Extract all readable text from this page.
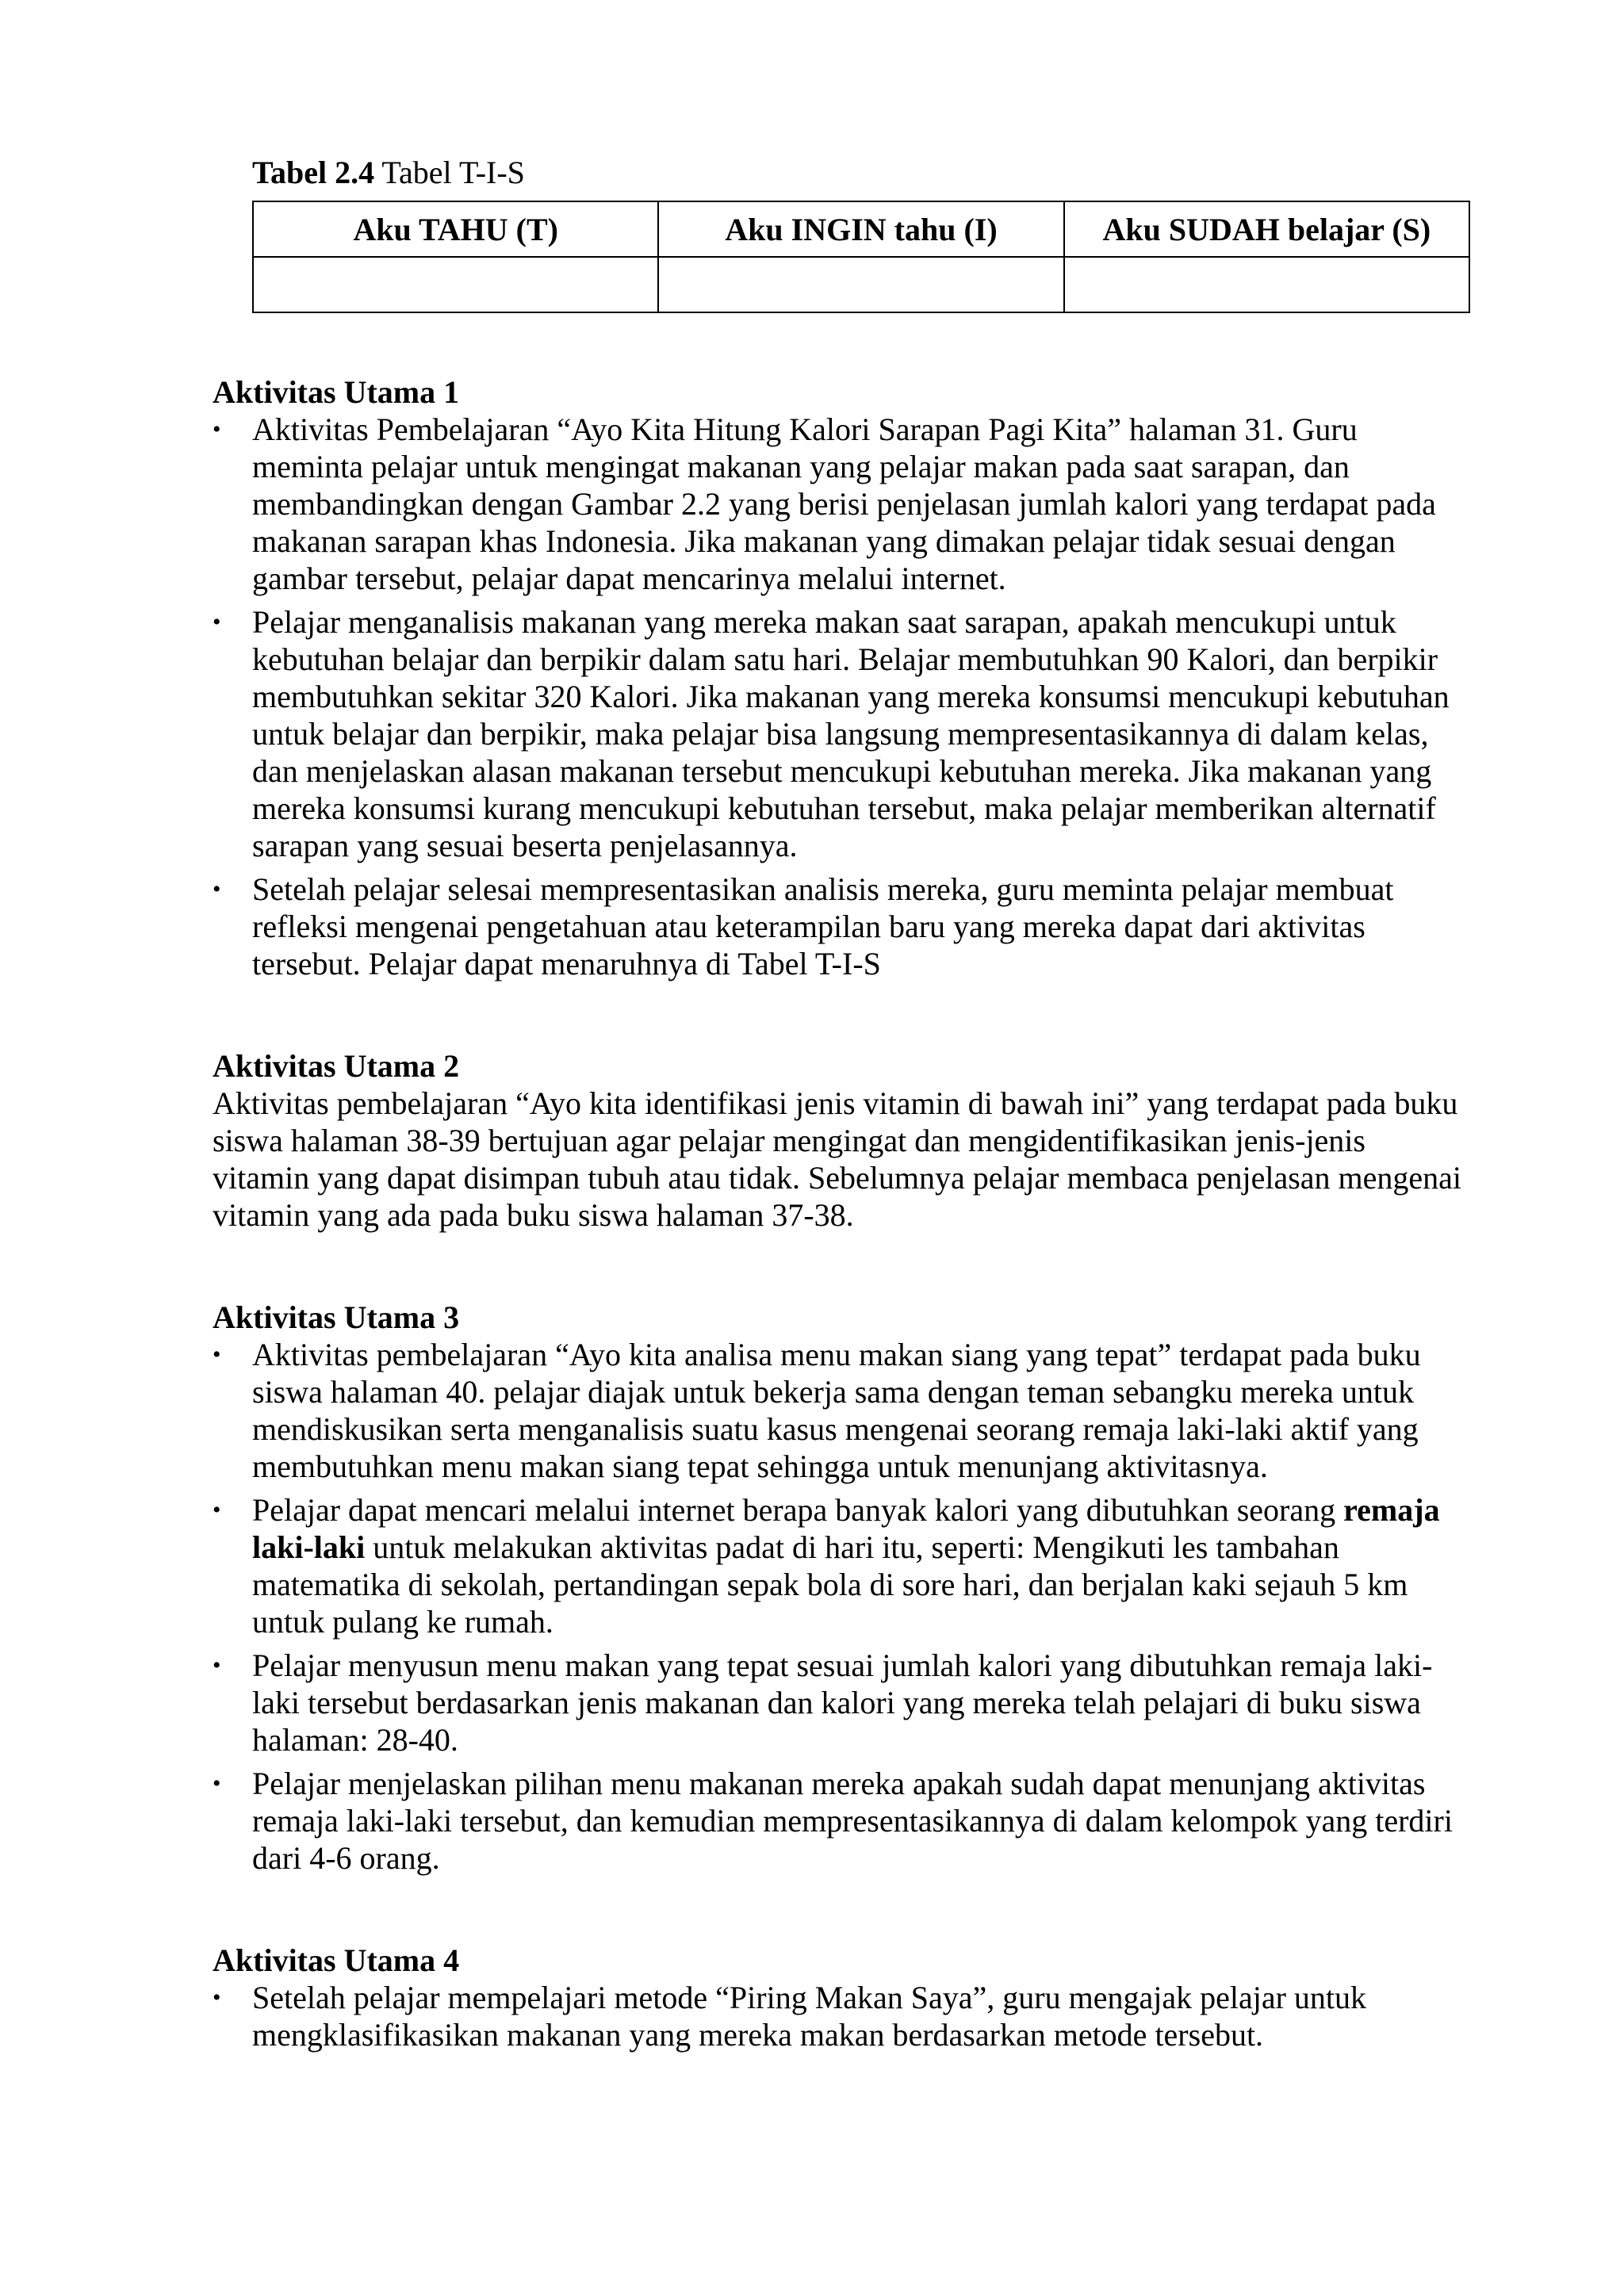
Tabel 2.4 Tabel T-I-S
Aku TAHU (T)	Aku INGIN tahu (I)	Aku SUDAH belajar (S)

Aktivitas Utama 1

• Aktivitas Pembelajaran “Ayo Kita Hitung Kalori Sarapan Pagi Kita” halaman 31. Guru meminta pelajar untuk mengingat makanan yang pelajar makan pada saat sarapan, dan membandingkan dengan Gambar 2.2 yang berisi penjelasan jumlah kalori yang terdapat pada makanan sarapan khas Indonesia. Jika makanan yang dimakan pelajar tidak sesuai dengan gambar tersebut, pelajar dapat mencarinya melalui internet.
• Pelajar menganalisis makanan yang mereka makan saat sarapan, apakah mencukupi untuk kebutuhan belajar dan berpikir dalam satu hari. Belajar membutuhkan 90 Kalori, dan berpikir membutuhkan sekitar 320 Kalori. Jika makanan yang mereka konsumsi mencukupi kebutuhan untuk belajar dan berpikir, maka pelajar bisa langsung mempresentasikannya di dalam kelas, dan menjelaskan alasan makanan tersebut mencukupi kebutuhan mereka. Jika makanan yang mereka konsumsi kurang mencukupi kebutuhan tersebut, maka pelajar memberikan alternatif sarapan yang sesuai beserta penjelasannya.
• Setelah pelajar selesai mempresentasikan analisis mereka, guru meminta pelajar membuat refleksi mengenai pengetahuan atau keterampilan baru yang mereka dapat dari aktivitas tersebut. Pelajar dapat menaruhnya di Tabel T-I-S

Aktivitas Utama 2

Aktivitas pembelajaran “Ayo kita identifikasi jenis vitamin di bawah ini” yang terdapat pada buku siswa halaman 38-39 bertujuan agar pelajar mengingat dan mengidentifikasikan jenis-jenis vitamin yang dapat disimpan tubuh atau tidak. Sebelumnya pelajar membaca penjelasan mengenai vitamin yang ada pada buku siswa halaman 37-38.

Aktivitas Utama 3

• Aktivitas pembelajaran “Ayo kita analisa menu makan siang yang tepat” terdapat pada buku siswa halaman 40. pelajar diajak untuk bekerja sama dengan teman sebangku mereka untuk mendiskusikan serta menganalisis suatu kasus mengenai seorang remaja laki-laki aktif yang membutuhkan menu makan siang tepat sehingga untuk menunjang aktivitasnya.
• Pelajar dapat mencari melalui internet berapa banyak kalori yang dibutuhkan seorang remaja laki-laki untuk melakukan aktivitas padat di hari itu, seperti: Mengikuti les tambahan matematika di sekolah, pertandingan sepak bola di sore hari, dan berjalan kaki sejauh 5 km untuk pulang ke rumah.
• Pelajar menyusun menu makan yang tepat sesuai jumlah kalori yang dibutuhkan remaja laki-laki tersebut berdasarkan jenis makanan dan kalori yang mereka telah pelajari di buku siswa halaman: 28-40.
• Pelajar menjelaskan pilihan menu makanan mereka apakah sudah dapat menunjang aktivitas remaja laki-laki tersebut, dan kemudian mempresentasikannya di dalam kelompok yang terdiri dari 4-6 orang.

Aktivitas Utama 4

• Setelah pelajar mempelajari metode “Piring Makan Saya”, guru mengajak pelajar untuk mengklasifikasikan makanan yang mereka makan berdasarkan metode tersebut.
